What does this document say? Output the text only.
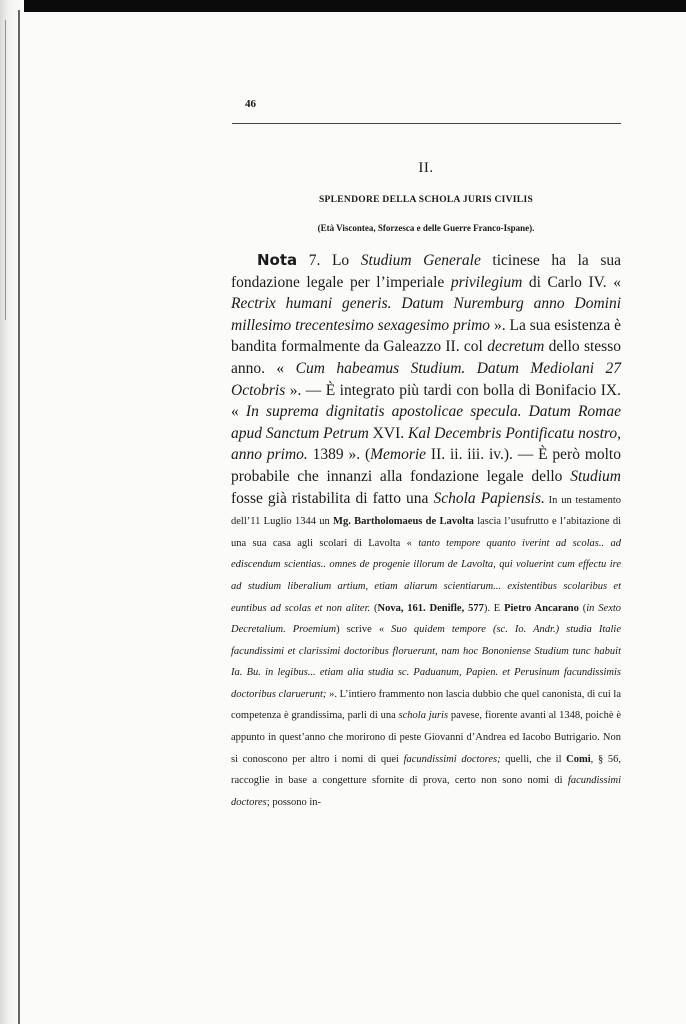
46
II.
SPLENDORE DELLA SCHOLA JURIS CIVILIS
(Età Viscontea, Sforzesca e delle Guerre Franco-Ispane).

Nota 7. Lo Studium Generale ticinese ha la sua fondazione legale per l’imperiale privilegium di Carlo IV. « Rectrix humani generis. Datum Nuremburg anno Domini millesimo trecentesimo sexagesimo primo ». La sua esistenza è bandita formalmente da Galeazzo II. col decretum dello stesso anno. « Cum habeamus Studium. Datum Mediolani 27 Octobris ». — È integrato più tardi con bolla di Bonifacio IX. « In suprema dignitatis apostolicae specula. Datum Romae apud Sanctum Petrum XVI. Kal Decembris Pontificatu nostro, anno primo. 1389 ». (Memorie II. ii. iii. iv.). — È però molto probabile che innanzi alla fondazione legale dello Studium fosse già ristabilita di fatto una Schola Papiensis. In un testamento dell’11 Luglio 1344 un Mg. Bartholomaeus de Lavolta lascia l’usufrutto e l’abitazione di una sua casa agli scolari di Lavolta « tanto tempore quanto iverint ad scolas.. ad ediscendum scientias.. omnes de progenie illorum de Lavolta, qui voluerint cum effectu ire ad studium liberalium artium, etiam aliarum scientiarum... existentibus scolaribus et euntibus ad scolas et non aliter. (Nova, 161. Denifle, 577). E Pietro Ancarano (in Sexto Decretalium. Proemium) scrive « Suo quidem tempore (sc. Io. Andr.) studia Italie facundissimi et clarissimi doctoribus floruerunt, nam hoc Bononiense Studium tunc habuit Ia. Bu. in legibus... etiam alia studia sc. Paduanum, Papien. et Perusinum facundissimis doctoribus claruerunt; ». L’intiero frammento non lascia dubbio che quel canonista, di cui la competenza è grandissima, parli di una schola juris pavese, fiorente avanti al 1348, poichè è appunto in quest’anno che morirono di peste Giovanni d’Andrea ed Iacobo Butrigario. Non si conoscono per altro i nomi di quei facundissimi doctores; quelli, che il Comi, § 56, raccoglie in base a congetture sfornite di prova, certo non sono nomi di facundissimi doctores; possono in-
